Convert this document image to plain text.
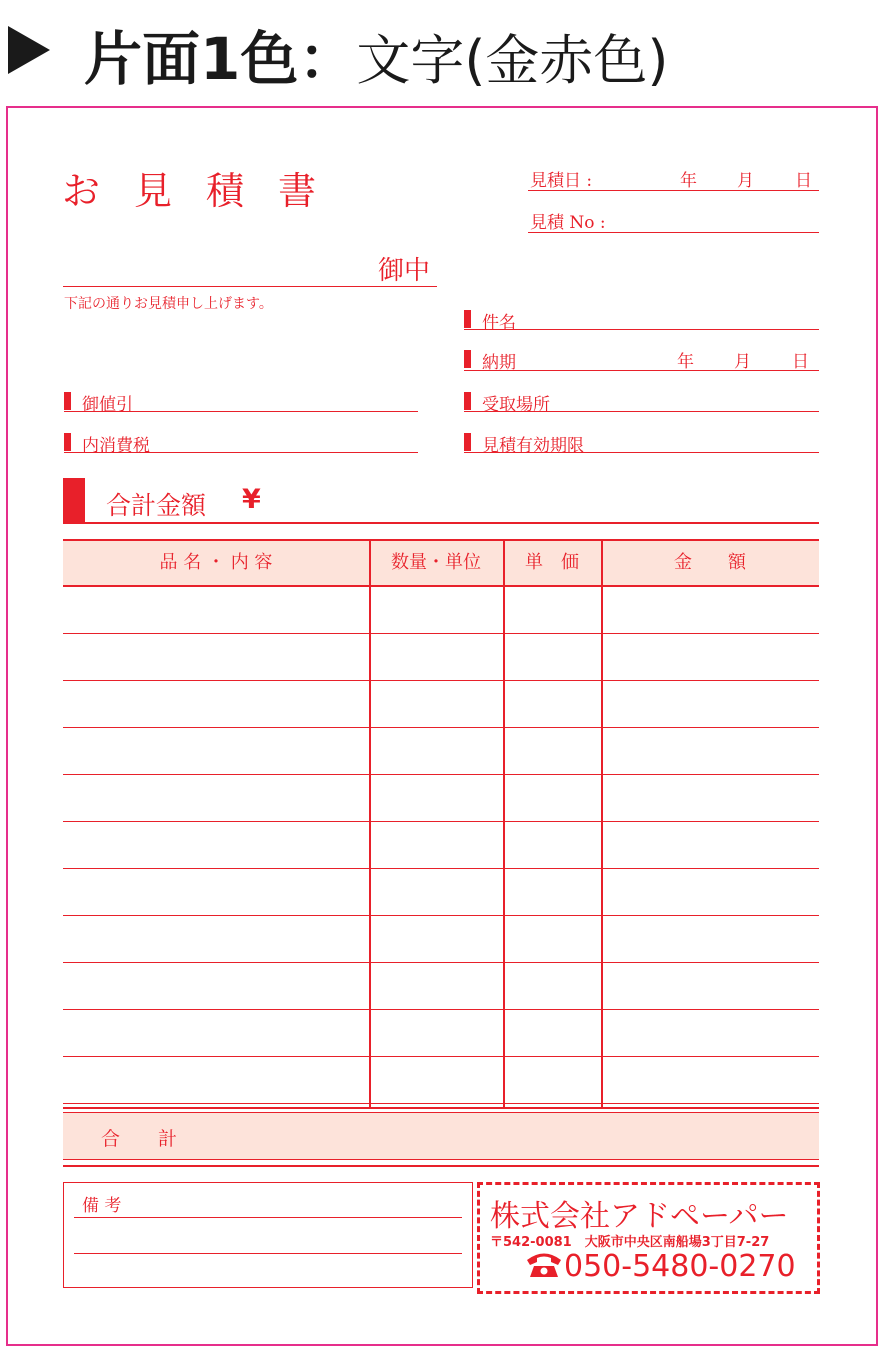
片面1色：文字(金赤色)
お見積書	見積日 :	年 月 日
見積 No :
御中
下記の通りお見積申し上げます。
件名
納期	年 月 日
受取場所
見積有効期限
御値引
内消費税
合計金額 ¥
品 名 ・ 内 容	数量・単位	単　価	金　　額
合　　計
備 考	株式会社アドペーパー
〒542-0081　大阪市中央区南船場3丁目7-27
050-5480-0270
